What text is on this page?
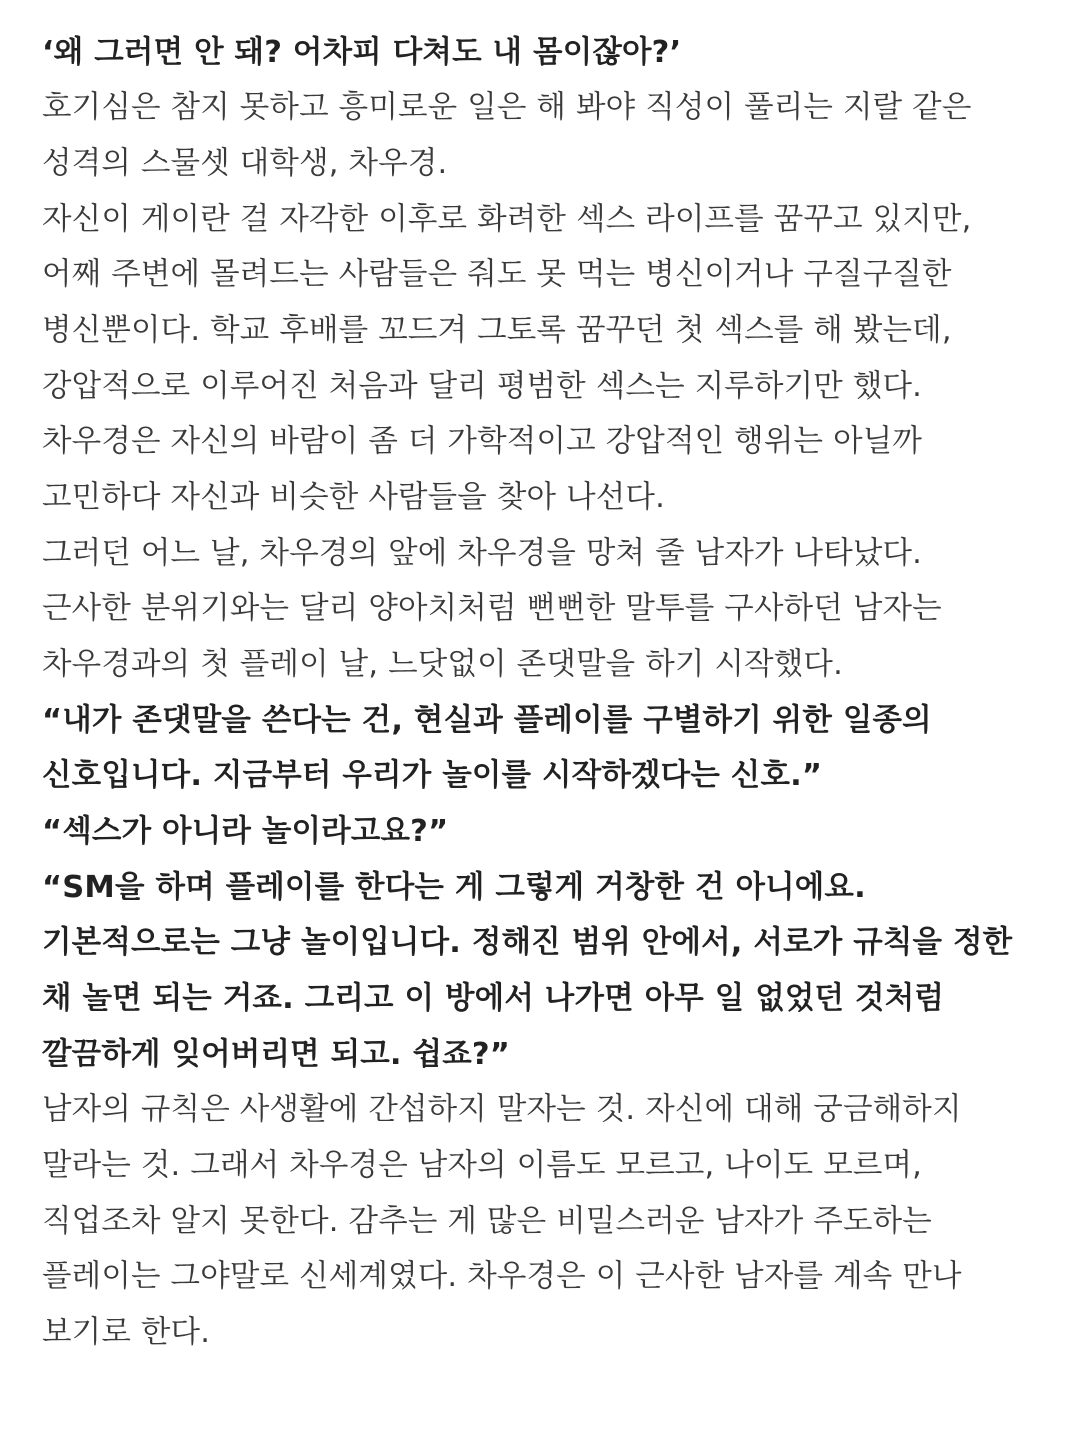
‘왜 그러면 안 돼? 어차피 다쳐도 내 몸이잖아?’
호기심은 참지 못하고 흥미로운 일은 해 봐야 직성이 풀리는 지랄 같은
성격의 스물셋 대학생, 차우경.
자신이 게이란 걸 자각한 이후로 화려한 섹스 라이프를 꿈꾸고 있지만,
어째 주변에 몰려드는 사람들은 줘도 못 먹는 병신이거나 구질구질한
병신뿐이다. 학교 후배를 꼬드겨 그토록 꿈꾸던 첫 섹스를 해 봤는데,
강압적으로 이루어진 처음과 달리 평범한 섹스는 지루하기만 했다.
차우경은 자신의 바람이 좀 더 가학적이고 강압적인 행위는 아닐까
고민하다 자신과 비슷한 사람들을 찾아 나선다.
그러던 어느 날, 차우경의 앞에 차우경을 망쳐 줄 남자가 나타났다.
근사한 분위기와는 달리 양아치처럼 뻔뻔한 말투를 구사하던 남자는
차우경과의 첫 플레이 날, 느닷없이 존댓말을 하기 시작했다.
“내가 존댓말을 쓴다는 건, 현실과 플레이를 구별하기 위한 일종의
신호입니다. 지금부터 우리가 놀이를 시작하겠다는 신호.”
“섹스가 아니라 놀이라고요?”
“SM을 하며 플레이를 한다는 게 그렇게 거창한 건 아니에요.
기본적으로는 그냥 놀이입니다. 정해진 범위 안에서, 서로가 규칙을 정한
채 놀면 되는 거죠. 그리고 이 방에서 나가면 아무 일 없었던 것처럼
깔끔하게 잊어버리면 되고. 쉽죠?”
남자의 규칙은 사생활에 간섭하지 말자는 것. 자신에 대해 궁금해하지
말라는 것. 그래서 차우경은 남자의 이름도 모르고, 나이도 모르며,
직업조차 알지 못한다. 감추는 게 많은 비밀스러운 남자가 주도하는
플레이는 그야말로 신세계였다. 차우경은 이 근사한 남자를 계속 만나
보기로 한다.
